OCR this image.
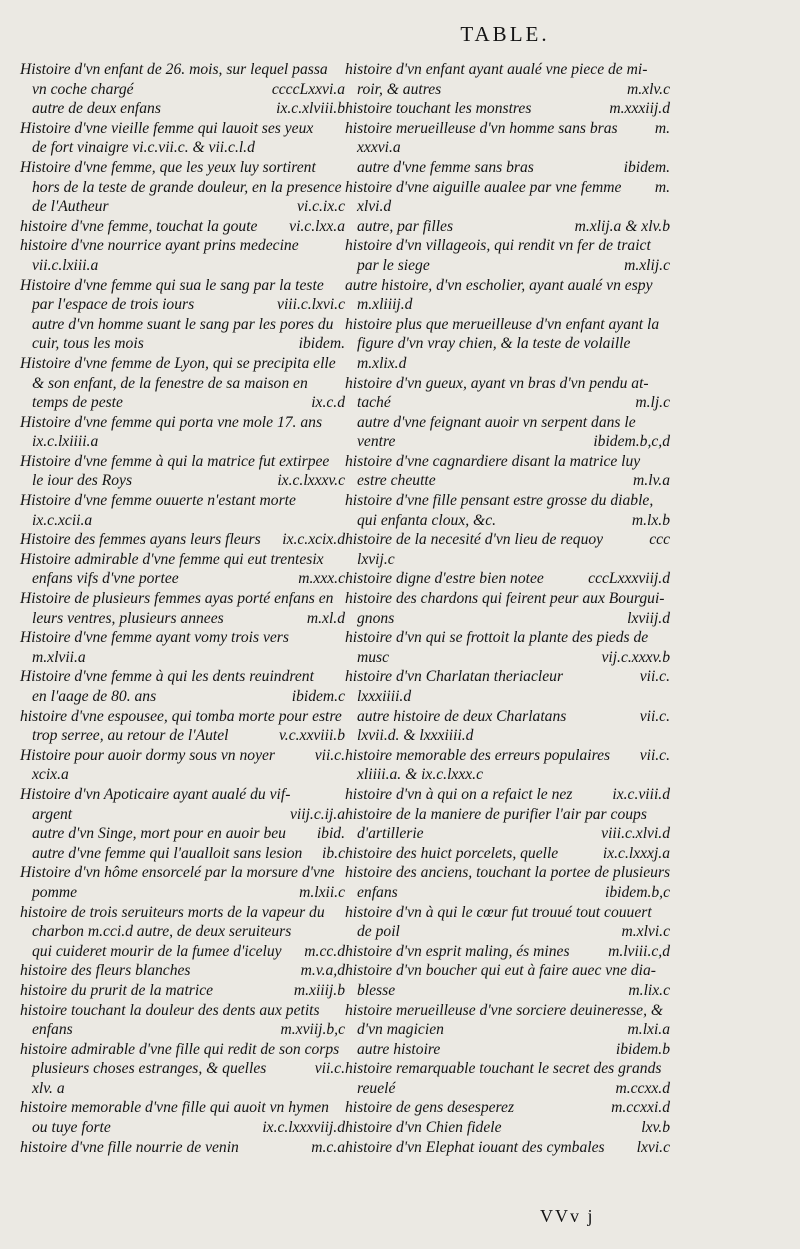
TABLE.
Histoire d'vn enfant de 26. mois, sur lequel passa
vn coche chargé	ccccLxxvi.a
autre de deux enfans	ix.c.xlviii.b
Histoire d'vne vieille femme qui lauoit ses yeux
de fort vinaigre vi.c.vii.c. & vii.c.l.d
Histoire d'vne femme, que les yeux luy sortirent
hors de la teste de grande douleur, en la presence
de l'Autheur	vi.c.ix.c
histoire d'vne femme, touchat la goute vi.c.lxx.a
histoire d'vne nourrice ayant prins medecine
vii.c.lxiii.a
Histoire d'vne femme qui sua le sang par la teste
par l'espace de trois iours	viii.c.lxvi.c
autre d'vn homme suant le sang par les pores du
cuir, tous les mois	ibidem.
Histoire d'vne femme de Lyon, qui se precipita elle
& son enfant, de la fenestre de sa maison en
temps de peste	ix.c.d
Histoire d'vne femme qui porta vne mole 17. ans
ix.c.lxiiii.a
Histoire d'vne femme à qui la matrice fut extirpee
le iour des Roys	ix.c.lxxxv.c
Histoire d'vne femme ouuerte n'estant morte
ix.c.xcii.a
Histoire des femmes ayans leurs fleurs ix.c.xcix.d
Histoire admirable d'vne femme qui eut trentesix
enfans vifs d'vne portee	m.xxx.c
Histoire de plusieurs femmes ayas porté enfans en
leurs ventres, plusieurs annees	m.xl.d
Histoire d'vne femme ayant vomy trois vers
m.xlvii.a
Histoire d'vne femme à qui les dents reuindrent
en l'aage de 80. ans	ibidem.c
histoire d'vne espousee, qui tomba morte pour estre
trop serree, au retour de l'Autel	v.c.xxviii.b
Histoire pour auoir dormy sous vn noyer	vii.c.
xcix.a
Histoire d'vn Apoticaire ayant aualé du vif-
argent	viij.c.ij.a
autre d'vn Singe, mort pour en auoir beu ibid.
autre d'vne femme qui l'aualloit sans lesion ib.c
Histoire d'vn hôme ensorcelé par la morsure d'vne
pomme	m.lxii.c
histoire de trois seruiteurs morts de la vapeur du
charbon m.cci.d autre, de deux seruiteurs
qui cuideret mourir de la fumee d'iceluy m.cc.d
histoire des fleurs blanches	m.v.a,d
histoire du prurit de la matrice	m.xiiij.b
histoire touchant la douleur des dents aux petits
enfans	m.xviij.b,c
histoire admirable d'vne fille qui redit de son corps
plusieurs choses estranges, & quelles	vii.c.
xlv. a
histoire memorable d'vne fille qui auoit vn hymen
ou tuye forte	ix.c.lxxxviij.d
histoire d'vne fille nourrie de venin	m.c.a
histoire d'vn enfant ayant aualé vne piece de mi-
roir, & autres	m.xlv.c
histoire touchant les monstres	m.xxxiij.d
histoire merueilleuse d'vn homme sans bras m.
xxxvi.a
autre d'vne femme sans bras	ibidem.
histoire d'vne aiguille aualee par vne femme m.
xlvi.d
autre, par filles	m.xlij.a & xlv.b
histoire d'vn villageois, qui rendit vn fer de traict
par le siege	m.xlij.c
autre histoire, d'vn escholier, ayant aualé vn espy
m.xliiij.d
histoire plus que merueilleuse d'vn enfant ayant la
figure d'vn vray chien, & la teste de volaille
m.xlix.d
histoire d'vn gueux, ayant vn bras d'vn pendu at-
taché	m.lj.c
autre d'vne feignant auoir vn serpent dans le
ventre	ibidem.b,c,d
histoire d'vne cagnardiere disant la matrice luy
estre cheutte	m.lv.a
histoire d'vne fille pensant estre grosse du diable,
qui enfanta cloux, &c.	m.lx.b
histoire de la necesité d'vn lieu de requoy	ccc
lxvij.c
histoire digne d'estre bien notee	cccLxxxviij.d
histoire des chardons qui feirent peur aux Bourgui-
gnons	lxviij.d
histoire d'vn qui se frottoit la plante des pieds de
musc	vij.c.xxxv.b
histoire d'vn Charlatan theriacleur	vii.c.
lxxxiiii.d
autre histoire de deux Charlatans	vii.c.
lxvii.d. & lxxxiiii.d
histoire memorable des erreurs populaires vii.c.
xliiii.a. & ix.c.lxxx.c
histoire d'vn à qui on a refaict le nez	ix.c.viii.d
histoire de la maniere de purifier l'air par coups
d'artillerie	viii.c.xlvi.d
histoire des huict porcelets, quelle	ix.c.lxxxj.a
histoire des anciens, touchant la portee de plusieurs
enfans	ibidem.b,c
histoire d'vn à qui le cœur fut trouué tout couuert
de poil	m.xlvi.c
histoire d'vn esprit maling, és mines m.lviii.c,d
histoire d'vn boucher qui eut à faire auec vne dia-
blesse	m.lix.c
histoire merueilleuse d'vne sorciere deuineresse, &
d'vn magicien	m.lxi.a
autre histoire	ibidem.b
histoire remarquable touchant le secret des grands
reuelé	m.ccxx.d
histoire de gens desesperez	m.ccxxi.d
histoire d'vn Chien fidele	lxv.b
histoire d'vn Elephat iouant des cymbales lxvi.c
VVv j
